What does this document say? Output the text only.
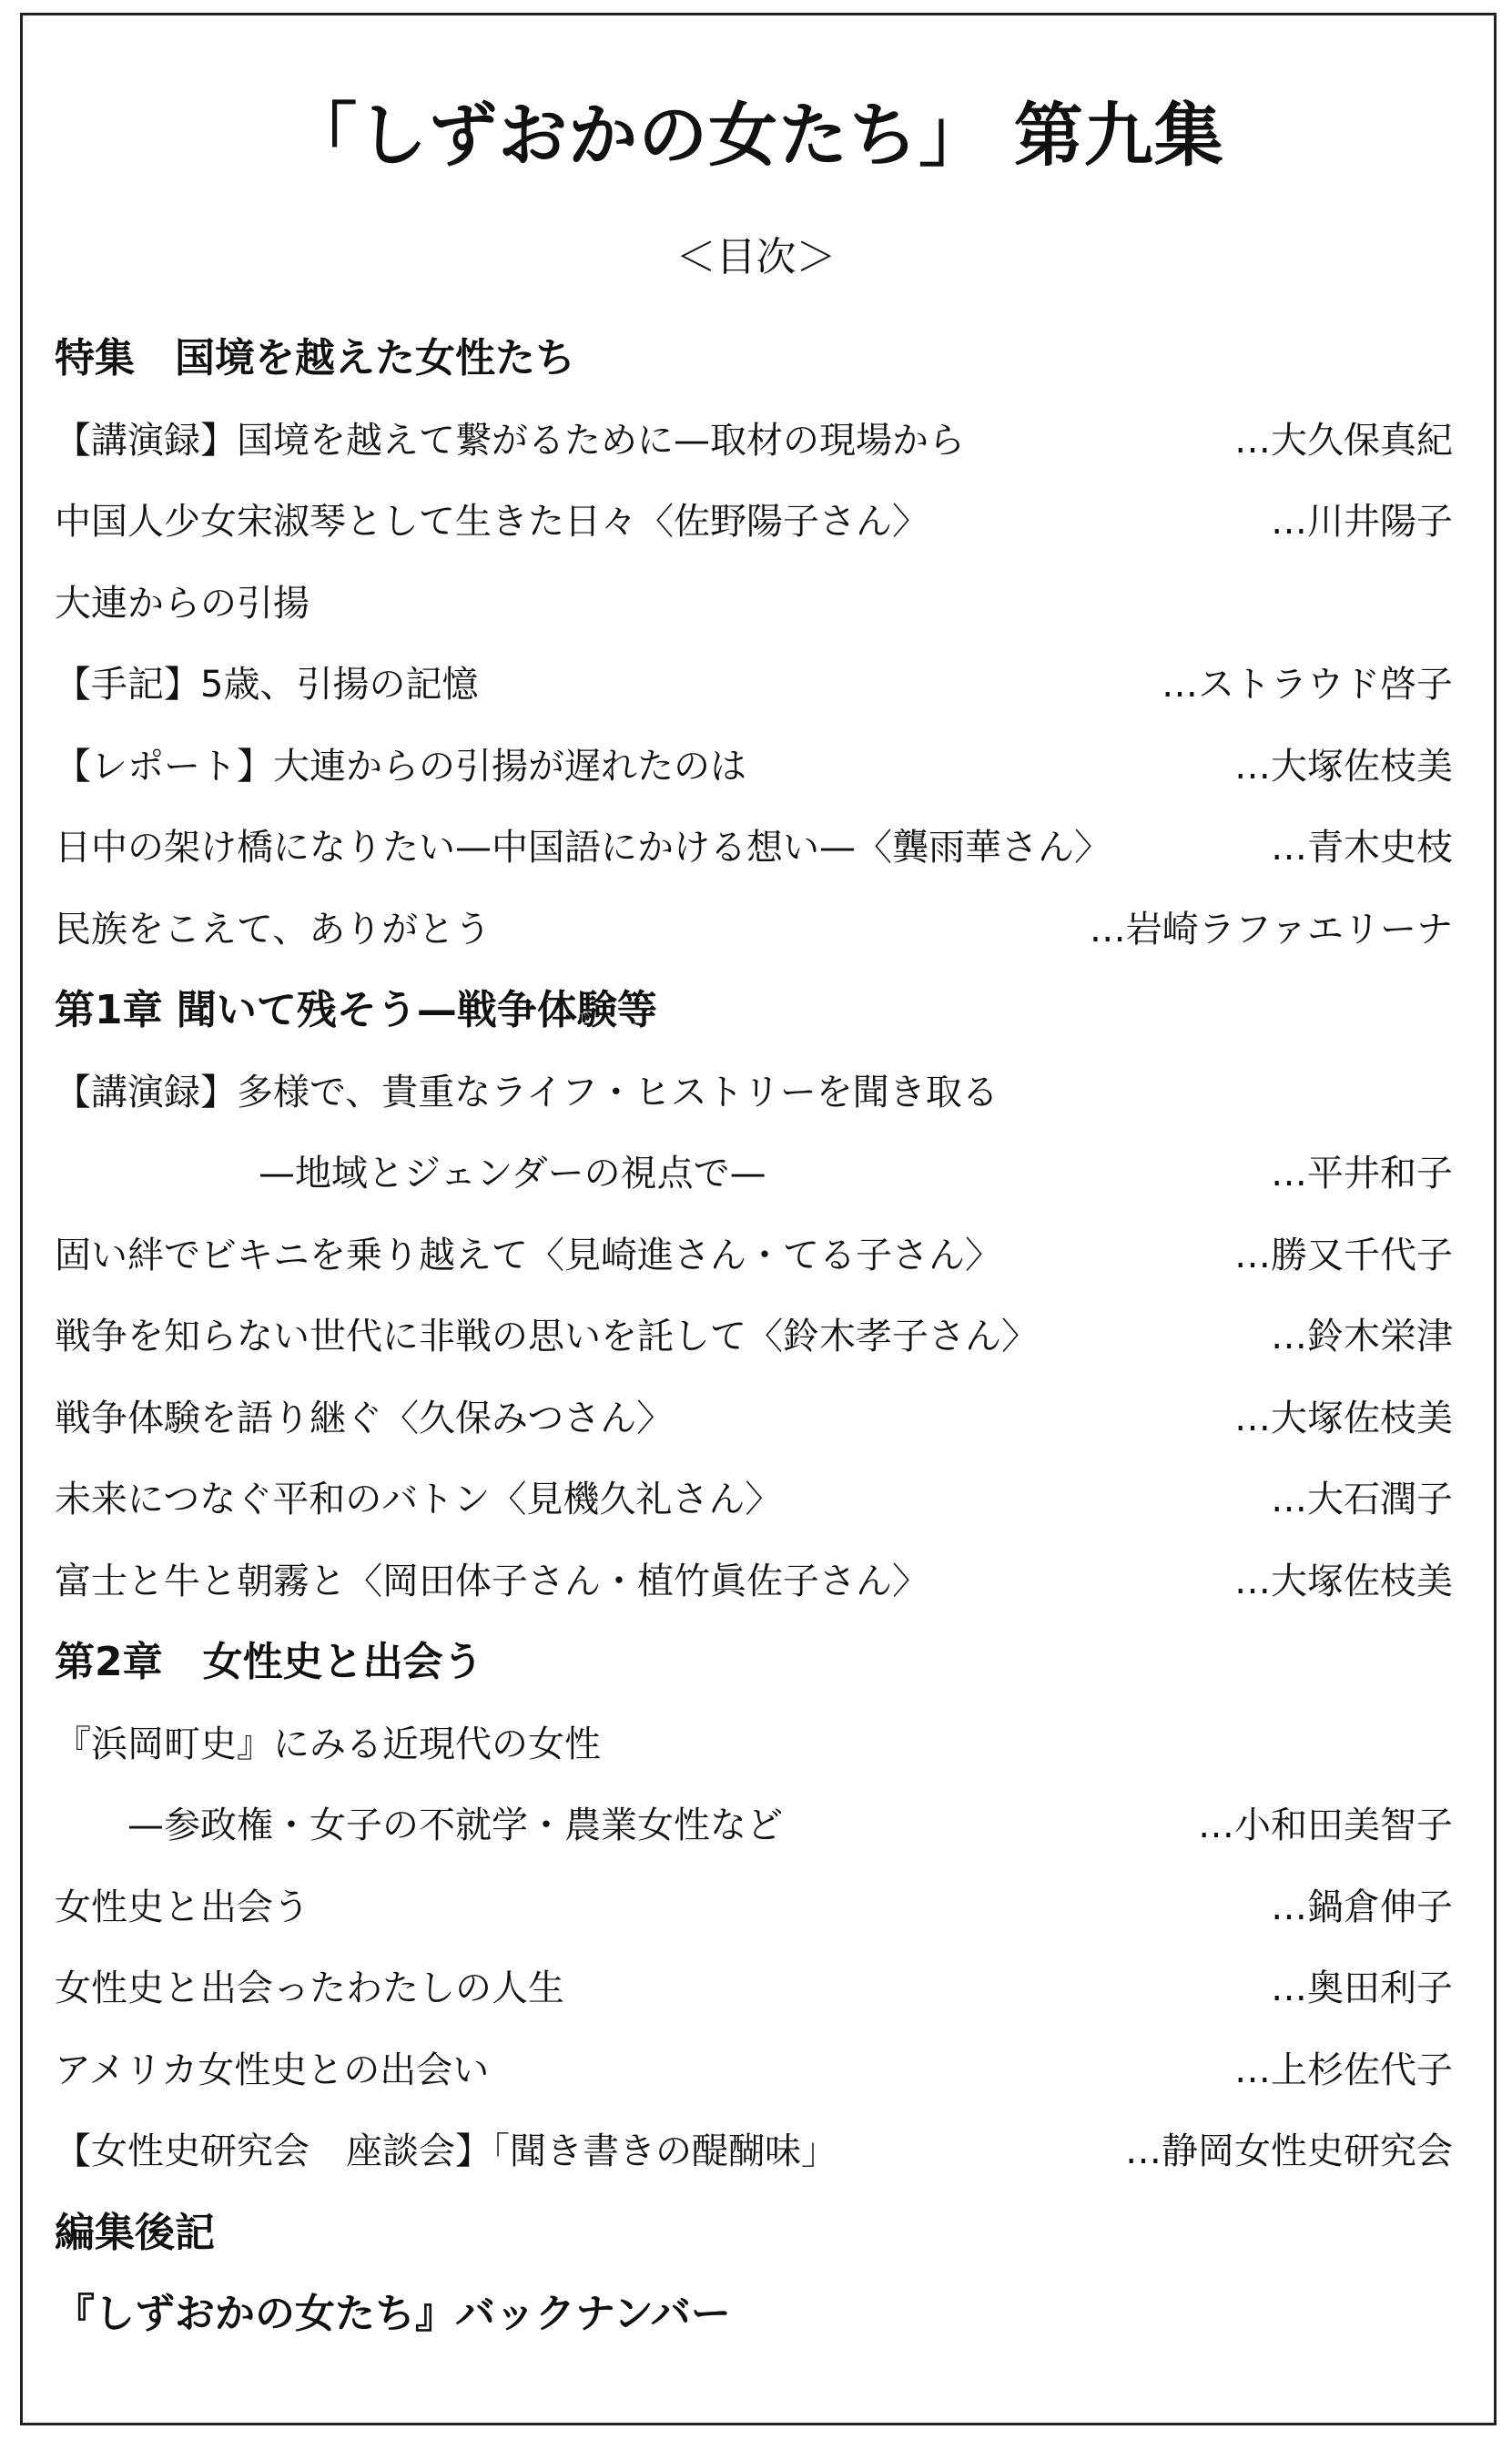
「しずおかの女たち」 第九集
＜目次＞
特集　国境を越えた女性たち
【講演録】国境を越えて繋がるために—取材の現場から	…大久保真紀
中国人少女宋淑琴として生きた日々〈佐野陽子さん〉	…川井陽子
大連からの引揚
【手記】5歳、引揚の記憶	…ストラウド啓子
【レポート】大連からの引揚が遅れたのは	…大塚佐枝美
日中の架け橋になりたい—中国語にかける想い—〈龔雨華さん〉	…青木史枝
民族をこえて、ありがとう	…岩崎ラファエリーナ
第1章 聞いて残そう—戦争体験等
【講演録】多様で、貴重なライフ・ヒストリーを聞き取る
—地域とジェンダーの視点で—	…平井和子
固い絆でビキニを乗り越えて〈見崎進さん・てる子さん〉	…勝又千代子
戦争を知らない世代に非戦の思いを託して〈鈴木孝子さん〉	…鈴木栄津
戦争体験を語り継ぐ〈久保みつさん〉	…大塚佐枝美
未来につなぐ平和のバトン〈見機久礼さん〉	…大石潤子
富士と牛と朝霧と〈岡田体子さん・植竹眞佐子さん〉	…大塚佐枝美
第2章　女性史と出会う
『浜岡町史』にみる近現代の女性
—参政権・女子の不就学・農業女性など	…小和田美智子
女性史と出会う	…鍋倉伸子
女性史と出会ったわたしの人生	…奥田利子
アメリカ女性史との出会い	…上杉佐代子
【女性史研究会　座談会】「聞き書きの醍醐味」	…静岡女性史研究会
編集後記
『しずおかの女たち』バックナンバー
